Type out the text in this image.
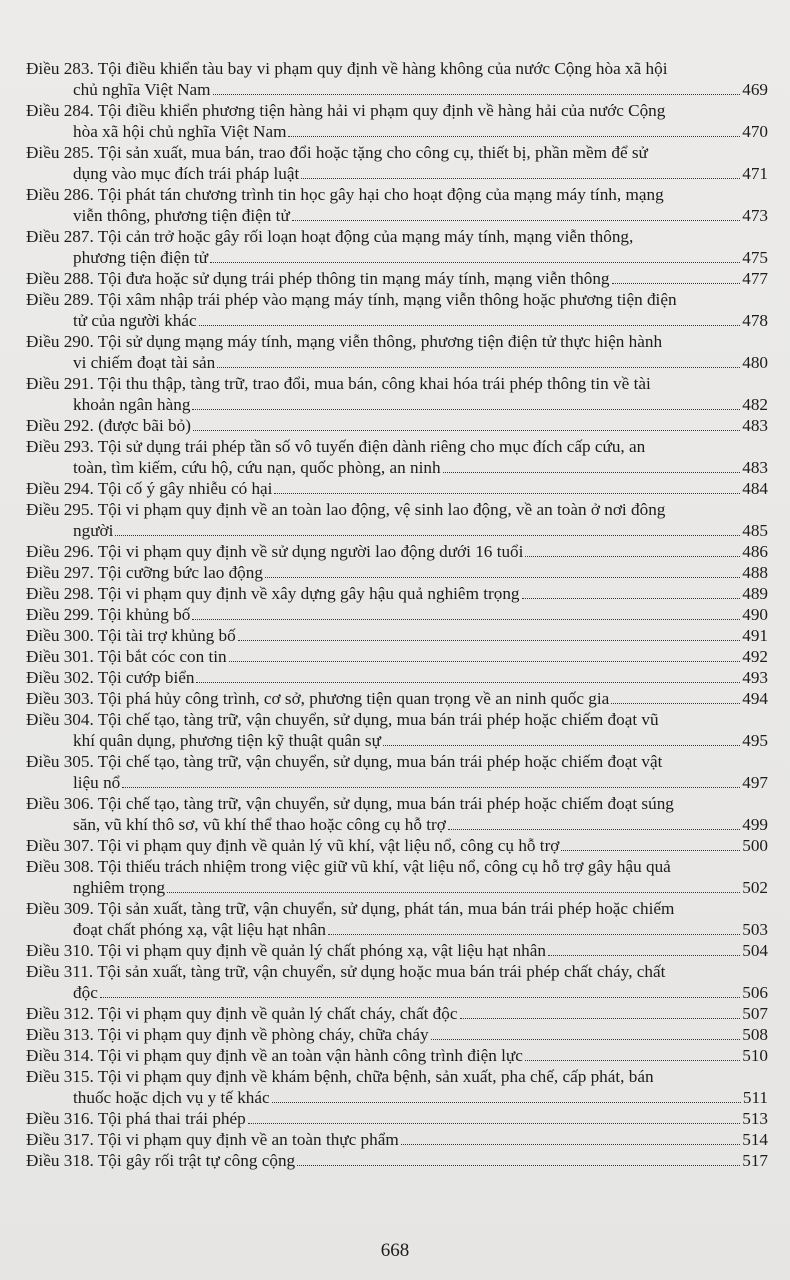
Điều 283. Tội điều khiển tàu bay vi phạm quy định về hàng không của nước Cộng hòa xã hội
chủ nghĩa Việt Nam	469
Điều 284. Tội điều khiển phương tiện hàng hải vi phạm quy định về hàng hải của nước Cộng
hòa xã hội chủ nghĩa Việt Nam	470
Điều 285. Tội sản xuất, mua bán, trao đổi hoặc tặng cho công cụ, thiết bị, phần mềm để sử
dụng vào mục đích trái pháp luật	471
Điều 286. Tội phát tán chương trình tin học gây hại cho hoạt động của mạng máy tính, mạng
viễn thông, phương tiện điện tử	473
Điều 287. Tội cản trở hoặc gây rối loạn hoạt động của mạng máy tính, mạng viễn thông,
phương tiện điện tử	475
Điều 288. Tội đưa hoặc sử dụng trái phép thông tin mạng máy tính, mạng viễn thông	477
Điều 289. Tội xâm nhập trái phép vào mạng máy tính, mạng viễn thông hoặc phương tiện điện
tử của người khác	478
Điều 290. Tội sử dụng mạng máy tính, mạng viễn thông, phương tiện điện tử thực hiện hành
vi chiếm đoạt tài sản	480
Điều 291. Tội thu thập, tàng trữ, trao đổi, mua bán, công khai hóa trái phép thông tin về tài
khoản ngân hàng	482
Điều 292. (được bãi bỏ)	483
Điều 293. Tội sử dụng trái phép tần số vô tuyến điện dành riêng cho mục đích cấp cứu, an
toàn, tìm kiếm, cứu hộ, cứu nạn, quốc phòng, an ninh	483
Điều 294. Tội cố ý gây nhiễu có hại	484
Điều 295. Tội vi phạm quy định về an toàn lao động, vệ sinh lao động, về an toàn ở nơi đông
người	485
Điều 296. Tội vi phạm quy định về sử dụng người lao động dưới 16 tuổi	486
Điều 297. Tội cưỡng bức lao động	488
Điều 298. Tội vi phạm quy định về xây dựng gây hậu quả nghiêm trọng	489
Điều 299. Tội khủng bố	490
Điều 300. Tội tài trợ khủng bố	491
Điều 301. Tội bắt cóc con tin	492
Điều 302. Tội cướp biển	493
Điều 303. Tội phá hủy công trình, cơ sở, phương tiện quan trọng về an ninh quốc gia	494
Điều 304. Tội chế tạo, tàng trữ, vận chuyển, sử dụng, mua bán trái phép hoặc chiếm đoạt vũ
khí quân dụng, phương tiện kỹ thuật quân sự	495
Điều 305. Tội chế tạo, tàng trữ, vận chuyển, sử dụng, mua bán trái phép hoặc chiếm đoạt vật
liệu nổ	497
Điều 306. Tội chế tạo, tàng trữ, vận chuyển, sử dụng, mua bán trái phép hoặc chiếm đoạt súng
săn, vũ khí thô sơ, vũ khí thể thao hoặc công cụ hỗ trợ	499
Điều 307. Tội vi phạm quy định về quản lý vũ khí, vật liệu nổ, công cụ hỗ trợ	500
Điều 308. Tội thiếu trách nhiệm trong việc giữ vũ khí, vật liệu nổ, công cụ hỗ trợ gây hậu quả
nghiêm trọng	502
Điều 309. Tội sản xuất, tàng trữ, vận chuyển, sử dụng, phát tán, mua bán trái phép hoặc chiếm
đoạt chất phóng xạ, vật liệu hạt nhân	503
Điều 310. Tội vi phạm quy định về quản lý chất phóng xạ, vật liệu hạt nhân	504
Điều 311. Tội sản xuất, tàng trữ, vận chuyển, sử dụng hoặc mua bán trái phép chất cháy, chất
độc	506
Điều 312. Tội vi phạm quy định về quản lý chất cháy, chất độc	507
Điều 313. Tội vi phạm quy định về phòng cháy, chữa cháy	508
Điều 314. Tội vi phạm quy định về an toàn vận hành công trình điện lực	510
Điều 315. Tội vi phạm quy định về khám bệnh, chữa bệnh, sản xuất, pha chế, cấp phát, bán
thuốc hoặc dịch vụ y tế khác	511
Điều 316. Tội phá thai trái phép	513
Điều 317. Tội vi phạm quy định về an toàn thực phẩm	514
Điều 318. Tội gây rối trật tự công cộng	517
668
